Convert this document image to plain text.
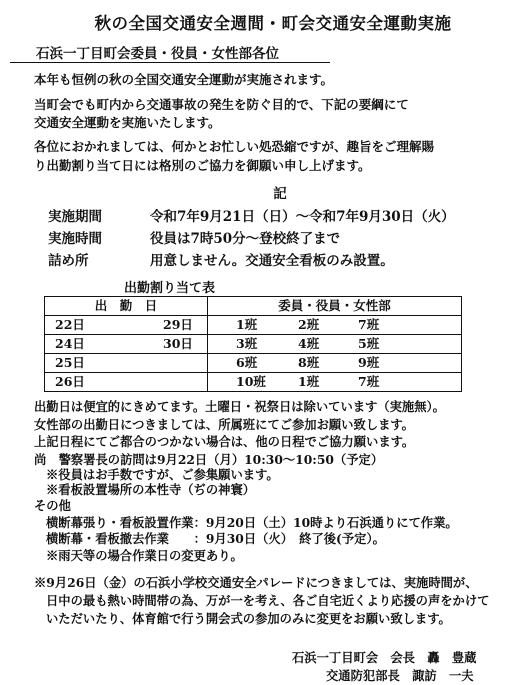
秋の全国交通安全週間・町会交通安全運動実施
石浜一丁目町会委員・役員・女性部各位
本年も恒例の秋の全国交通安全運動が実施されます。
当町会でも町内から交通事故の発生を防ぐ目的で、下記の要綱にて
交通安全運動を実施いたします。
各位におかれましては、何かとお忙しい処恐縮ですが、趣旨をご理解賜
り出勤割り当て日には格別のご協力を御願い申し上げます。
記
実施期間	令和7年9月21日（日）～令和7年9月30日（火）
実施時間	役員は7時50分～登校終了まで
詰め所	用意しません。交通安全看板のみ設置。
出勤割り当て表
出　勤　日	委員・役員・女性部

22日 29日	1班 2班 7班

24日 30日	3班 4班 5班

25日	6班 8班 9班

26日	10班 1班 7班

出勤日は便宜的にきめてます。土曜日・祝祭日は除いています（実施無）。
女性部の出勤日につきましては、所属班にてご参加お願い致します。
上記日程にてご都合のつかない場合は、他の日程でご協力願います。
尚　警察署長の訪問は9月22日（月）10:30～10:50（予定）
※役員はお手数ですが、ご参集願います。
※看板設置場所の本性寺（ぢの神寰）
その他
横断幕張り・看板設置作業：9月20日（土）10時より石浜通りにて作業。
横断幕・看板撤去作業　　：9月30日（火）　終了後(予定）。
※雨天等の場合作業日の変更あり。
※9月26日（金）の石浜小学校交通安全パレードにつきましては、実施時間が、
日中の最も熱い時間帯の為、万が一を考え、各ご自宅近くより応援の声をかけて
いただいたり、体育館で行う開会式の参加のみに変更をお願い致します。
石浜一丁目町会　会長　轟　豊蔵
交通防犯部長　諏訪　一夫
